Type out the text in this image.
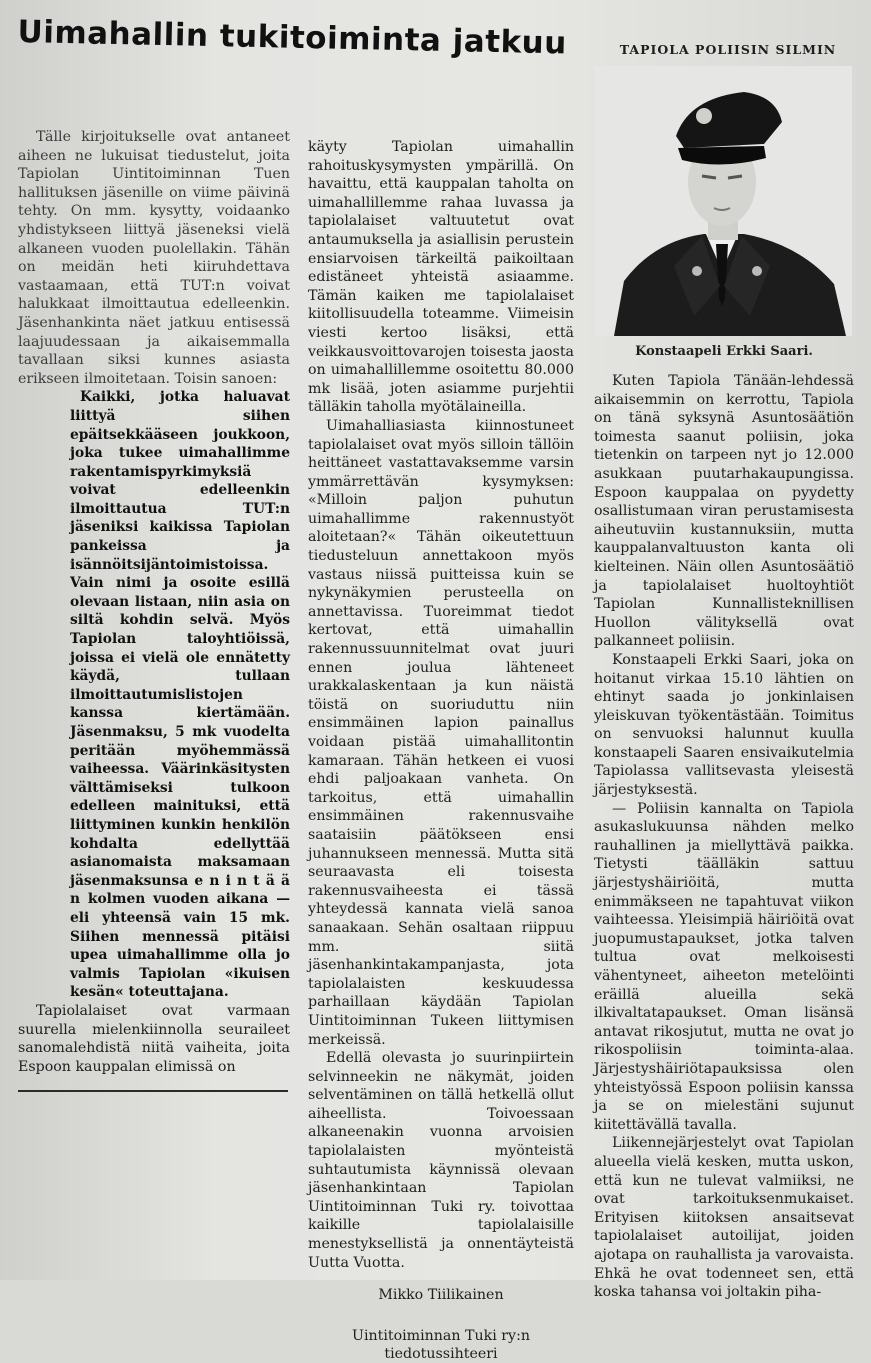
Uimahallin tukitoiminta jatkuu

Tälle kirjoitukselle ovat antaneet aiheen ne lukuisat tiedustelut, joita Tapiolan Uintitoiminnan Tuen hallituksen jäsenille on viime päivinä tehty. On mm. kysytty, voidaanko yhdistykseen liittyä jäseneksi vielä alkaneen vuoden puolellakin. Tähän on meidän heti kiiruhdettava vastaamaan, että TUT:n voivat halukkaat ilmoittautua edelleenkin. Jäsenhankinta näet jatkuu entisessä laajuudessaan ja aikaisemmalla tavallaan siksi kunnes asiasta erikseen ilmoitetaan. Toisin sanoen:

Kaikki, jotka haluavat liittyä siihen epäitsekkääseen joukkoon, joka tukee uimahallimme rakentamispyrkimyksiä voivat edelleenkin ilmoittautua TUT:n jäseniksi kaikissa Tapiolan pankeissa ja isännöitsijäntoimistoissa. Vain nimi ja osoite esillä olevaan listaan, niin asia on siltä kohdin selvä. Myös Tapiolan taloyhtiöissä, joissa ei vielä ole ennätetty käydä, tullaan ilmoittautumislistojen kanssa kiertämään. Jäsenmaksu, 5 mk vuodelta peritään myöhemmässä vaiheessa. Väärinkäsitysten välttämiseksi tulkoon edelleen mainituksi, että liittyminen kunkin henkilön kohdalta edellyttää asianomaista maksamaan jäsenmaksunsa e n i n t ä ä n kolmen vuoden aikana — eli yhteensä vain 15 mk. Siihen mennessä pitäisi upea uimahallimme olla jo valmis Tapiolan «ikuisen kesän« toteuttajana.

Tapiolalaiset ovat varmaan suurella mielenkiinnolla seuraileet sanomalehdistä niitä vaiheita, joita Espoon kauppalan elimissä on

käyty Tapiolan uimahallin rahoituskysymysten ympärillä. On havaittu, että kauppalan taholta on uimahallillemme rahaa luvassa ja tapiolalaiset valtuutetut ovat antaumuksella ja asiallisin perustein ensiarvoisen tärkeiltä paikoiltaan edistäneet yhteistä asiaamme. Tämän kaiken me tapiolalaiset kiitollisuudella toteamme. Viimeisin viesti kertoo lisäksi, että veikkausvoittovarojen toisesta jaosta on uimahallillemme osoitettu 80.000 mk lisää, joten asiamme purjehtii tälläkin taholla myötälaineilla.

Uimahalliasiasta kiinnostuneet tapiolalaiset ovat myös silloin tällöin heittäneet vastattavaksemme varsin ymmärrettävän kysymyksen: «Milloin paljon puhutun uimahallimme rakennustyöt aloitetaan?« Tähän oikeutettuun tiedusteluun annettakoon myös vastaus niissä puitteissa kuin se nykynäkymien perusteella on annettavissa. Tuoreimmat tiedot kertovat, että uimahallin rakennussuunnitelmat ovat juuri ennen joulua lähteneet urakkalaskentaan ja kun näistä töistä on suoriuduttu niin ensimmäinen lapion painallus voidaan pistää uimahallitontin kamaraan. Tähän hetkeen ei vuosi ehdi paljoakaan vanheta. On tarkoitus, että uimahallin ensimmäinen rakennusvaihe saataisiin päätökseen ensi juhannukseen mennessä. Mutta sitä seuraavasta eli toisesta rakennusvaiheesta ei tässä yhteydessä kannata vielä sanoa sanaakaan. Sehän osaltaan riippuu mm. siitä jäsenhankintakampanjasta, jota tapiolalaisten keskuudessa parhaillaan käydään Tapiolan Uintitoiminnan Tukeen liittymisen merkeissä.

Edellä olevasta jo suurinpiirtein selvinneekin ne näkymät, joiden selventäminen on tällä hetkellä ollut aiheellista. Toivoessaan alkaneenakin vuonna arvoisien tapiolalaisten myönteistä suhtautumista käynnissä olevaan jäsenhankintaan Tapiolan Uintitoiminnan Tuki ry. toivottaa kaikille tapiolalaisille menestyksellistä ja onnentäyteistä Uutta Vuotta.

Mikko Tiilikainen

Uintitoiminnan Tuki ry:n

tiedotussihteeri

TAPIOLA POLIISIN SILMIN

Konstaapeli Erkki Saari.

Kuten Tapiola Tänään-lehdessä aikaisemmin on kerrottu, Tapiola on tänä syksynä Asuntosäätiön toimesta saanut poliisin, joka tietenkin on tarpeen nyt jo 12.000 asukkaan puutarhakaupungissa. Espoon kauppalaa on pyydetty osallistumaan viran perustamisesta aiheutuviin kustannuksiin, mutta kauppalanvaltuuston kanta oli kielteinen. Näin ollen Asuntosäätiö ja tapiolalaiset huoltoyhtiöt Tapiolan Kunnallisteknillisen Huollon välityksellä ovat palkanneet poliisin.

Konstaapeli Erkki Saari, joka on hoitanut virkaa 15.10 lähtien on ehtinyt saada jo jonkinlaisen yleiskuvan työkentästään. Toimitus on senvuoksi halunnut kuulla konstaapeli Saaren ensivaikutelmia Tapiolassa vallitsevasta yleisestä järjestyksestä.

— Poliisin kannalta on Tapiola asukaslukuunsa nähden melko rauhallinen ja miellyttävä paikka. Tietysti täälläkin sattuu järjestyshäiriöitä, mutta enimmäkseen ne tapahtuvat viikon vaihteessa. Yleisimpiä häiriöitä ovat juopumustapaukset, jotka talven tultua ovat melkoisesti vähentyneet, aiheeton metelöinti eräillä alueilla sekä ilkivaltatapaukset. Oman lisänsä antavat rikosjutut, mutta ne ovat jo rikospoliisin toiminta-alaa. Järjestyshäiriötapauksissa olen yhteistyössä Espoon poliisin kanssa ja se on mielestäni sujunut kiitettävällä tavalla.

Liikennejärjestelyt ovat Tapiolan alueella vielä kesken, mutta uskon, että kun ne tulevat valmiiksi, ne ovat tarkoituksenmukaiset. Erityisen kiitoksen ansaitsevat tapiolalaiset autoilijat, joiden ajotapa on rauhallista ja varovaista. Ehkä he ovat todenneet sen, että koska tahansa voi joltakin piha-
